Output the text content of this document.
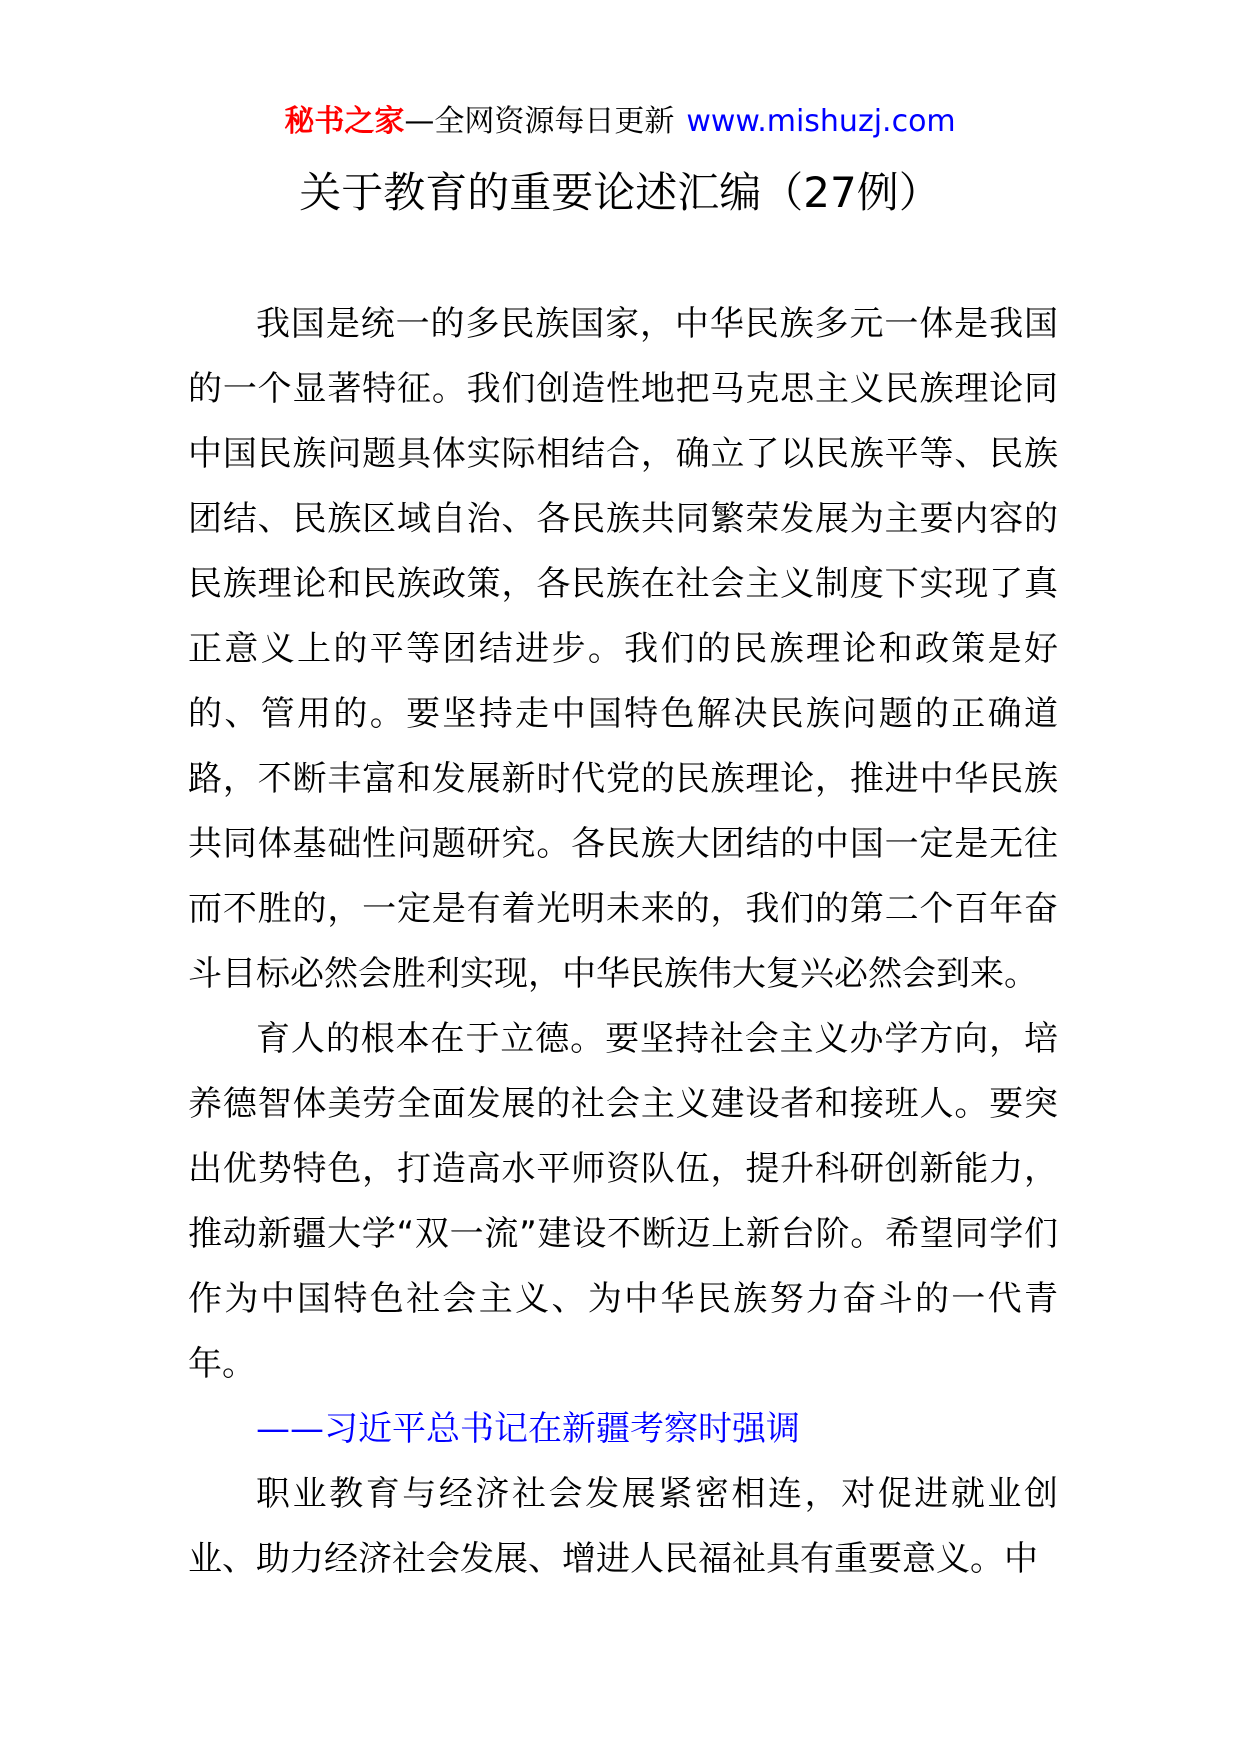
秘书之家—全网资源每日更新 www.mishuzj.com
关于教育的重要论述汇编（27例）

我国是统一的多民族国家，中华民族多元一体是我国的一个显著特征。我们创造性地把马克思主义民族理论同中国民族问题具体实际相结合，确立了以民族平等、民族团结、民族区域自治、各民族共同繁荣发展为主要内容的民族理论和民族政策，各民族在社会主义制度下实现了真正意义上的平等团结进步。我们的民族理论和政策是好的、管用的。要坚持走中国特色解决民族问题的正确道路，不断丰富和发展新时代党的民族理论，推进中华民族共同体基础性问题研究。各民族大团结的中国一定是无往而不胜的，一定是有着光明未来的，我们的第二个百年奋斗目标必然会胜利实现，中华民族伟大复兴必然会到来。

育人的根本在于立德。要坚持社会主义办学方向，培养德智体美劳全面发展的社会主义建设者和接班人。要突出优势特色，打造高水平师资队伍，提升科研创新能力，推动新疆大学“双一流”建设不断迈上新台阶。希望同学们作为中国特色社会主义、为中华民族努力奋斗的一代青年。

——习近平总书记在新疆考察时强调

职业教育与经济社会发展紧密相连，对促进就业创业、助力经济社会发展、增进人民福祉具有重要意义。中
